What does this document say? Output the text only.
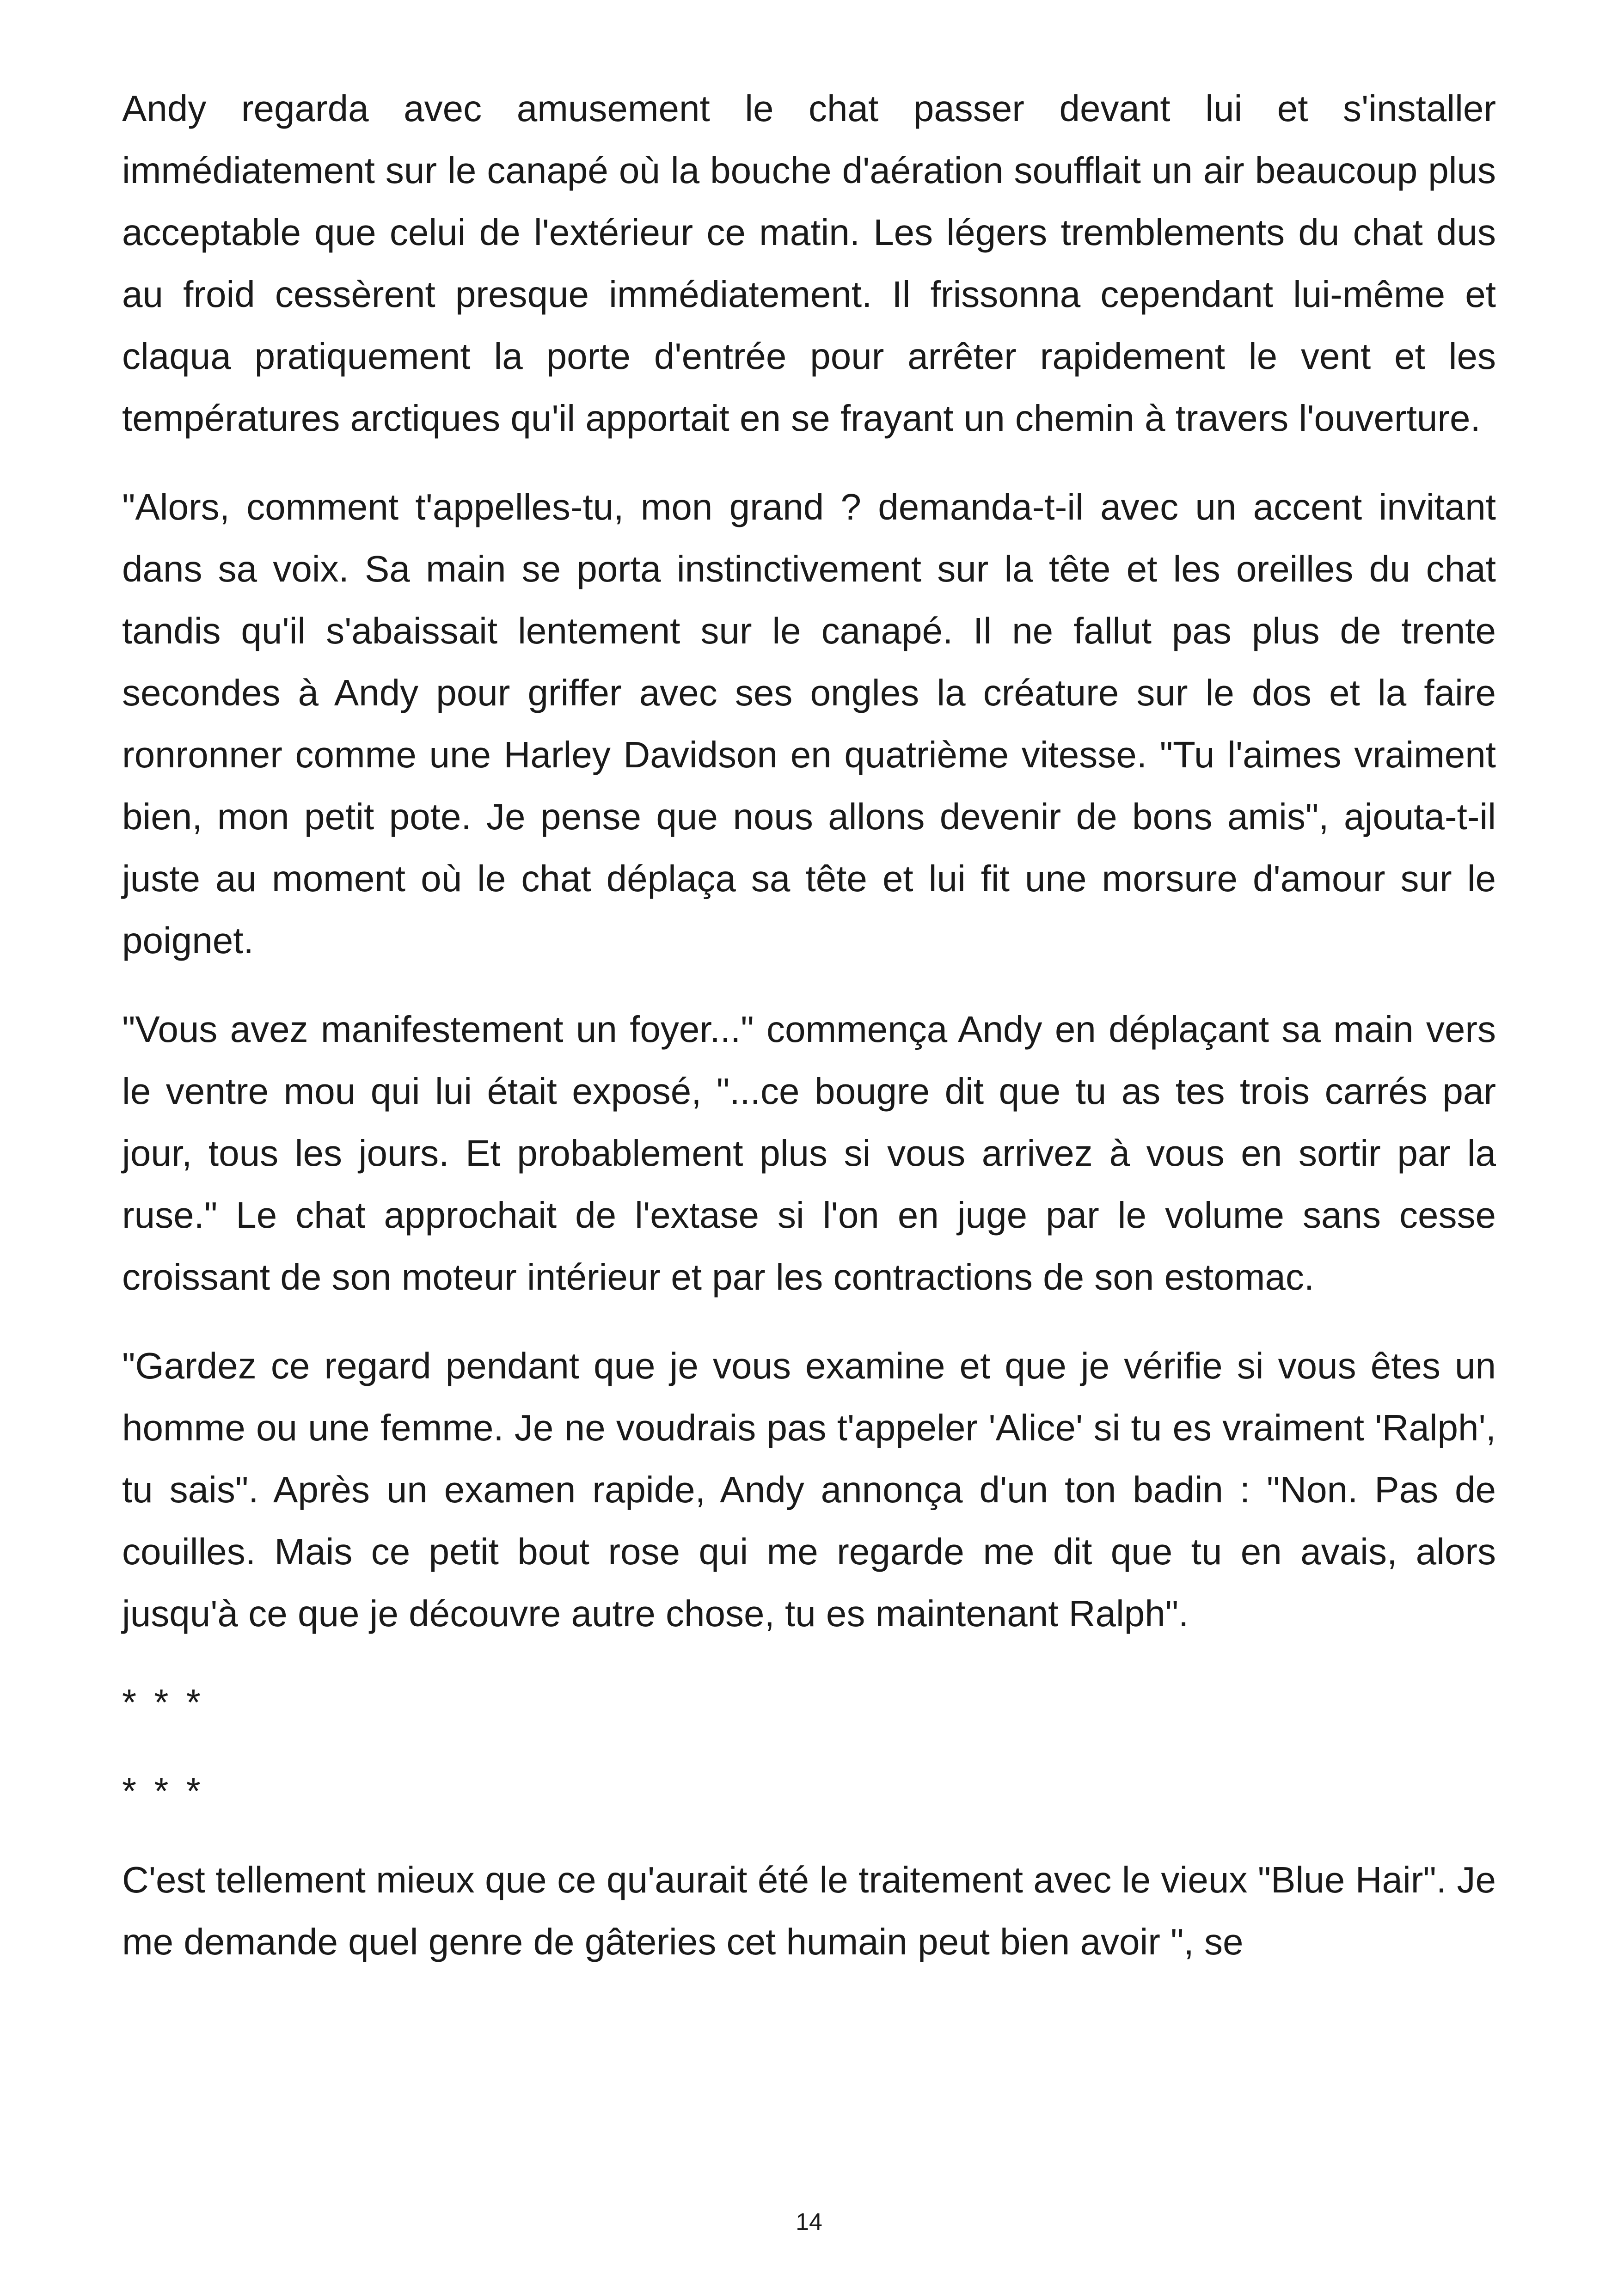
Andy regarda avec amusement le chat passer devant lui et s'installer immédiatement sur le canapé où la bouche d'aération soufflait un air beaucoup plus acceptable que celui de l'extérieur ce matin. Les légers tremblements du chat dus au froid cessèrent presque immédiatement. Il frissonna cependant lui-même et claqua pratiquement la porte d'entrée pour arrêter rapidement le vent et les températures arctiques qu'il apportait en se frayant un chemin à travers l'ouverture.

"Alors, comment t'appelles-tu, mon grand ? demanda-t-il avec un accent invitant dans sa voix. Sa main se porta instinctivement sur la tête et les oreilles du chat tandis qu'il s'abaissait lentement sur le canapé. Il ne fallut pas plus de trente secondes à Andy pour griffer avec ses ongles la créature sur le dos et la faire ronronner comme une Harley Davidson en quatrième vitesse. "Tu l'aimes vraiment bien, mon petit pote. Je pense que nous allons devenir de bons amis", ajouta-t-il juste au moment où le chat déplaça sa tête et lui fit une morsure d'amour sur le poignet.

"Vous avez manifestement un foyer..." commença Andy en déplaçant sa main vers le ventre mou qui lui était exposé, "...ce bougre dit que tu as tes trois carrés par jour, tous les jours. Et probablement plus si vous arrivez à vous en sortir par la ruse." Le chat approchait de l'extase si l'on en juge par le volume sans cesse croissant de son moteur intérieur et par les contractions de son estomac.

"Gardez ce regard pendant que je vous examine et que je vérifie si vous êtes un homme ou une femme. Je ne voudrais pas t'appeler 'Alice' si tu es vraiment 'Ralph', tu sais". Après un examen rapide, Andy annonça d'un ton badin : "Non. Pas de couilles. Mais ce petit bout rose qui me regarde me dit que tu en avais, alors jusqu'à ce que je découvre autre chose, tu es maintenant Ralph".

* * *

* * *

C'est tellement mieux que ce qu'aurait été le traitement avec le vieux "Blue Hair". Je me demande quel genre de gâteries cet humain peut bien avoir ", se

14
